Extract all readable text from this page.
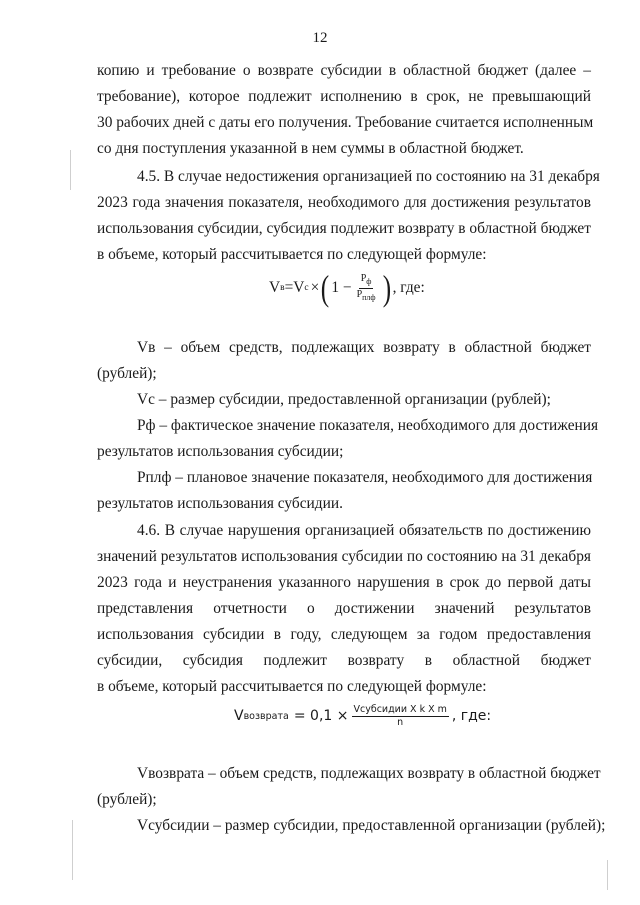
12
копию и требование о возврате субсидии в областной бюджет (далее –
требование), которое подлежит исполнению в срок, не превышающий
30 рабочих дней с даты его получения. Требование считается исполненным
со дня поступления указанной в нем суммы в областной бюджет.
4.5. В случае недостижения организацией по состоянию на 31 декабря
2023 года значения показателя, необходимого для достижения результатов
использования субсидии, субсидия подлежит возврату в областной бюджет
в объеме, который рассчитывается по следующей формуле:
V в =V с × ( $1 - \frac{Р_ф}{Р_{плф}}$ ) , где:
Vв – объем средств, подлежащих возврату в областной бюджет
(рублей);
Vс – размер субсидии, предоставленной организации (рублей);
Рф – фактическое значение показателя, необходимого для достижения
результатов использования субсидии;
Рплф – плановое значение показателя, необходимого для достижения
результатов использования субсидии.
4.6. В случае нарушения организацией обязательств по достижению
значений результатов использования субсидии по состоянию на 31 декабря
2023 года и неустранения указанного нарушения в срок до первой даты
представления отчетности о достижении значений результатов
использования субсидии в году, следующем за годом предоставления
субсидии, субсидия подлежит возврату в областной бюджет
в объеме, который рассчитывается по следующей формуле:
V возврата = $0,1 \times \frac{\text{Vсубсидии X k X m}}{n}$ , где:
Vвозврата – объем средств, подлежащих возврату в областной бюджет
(рублей);
Vсубсидии – размер субсидии, предоставленной организации (рублей);
